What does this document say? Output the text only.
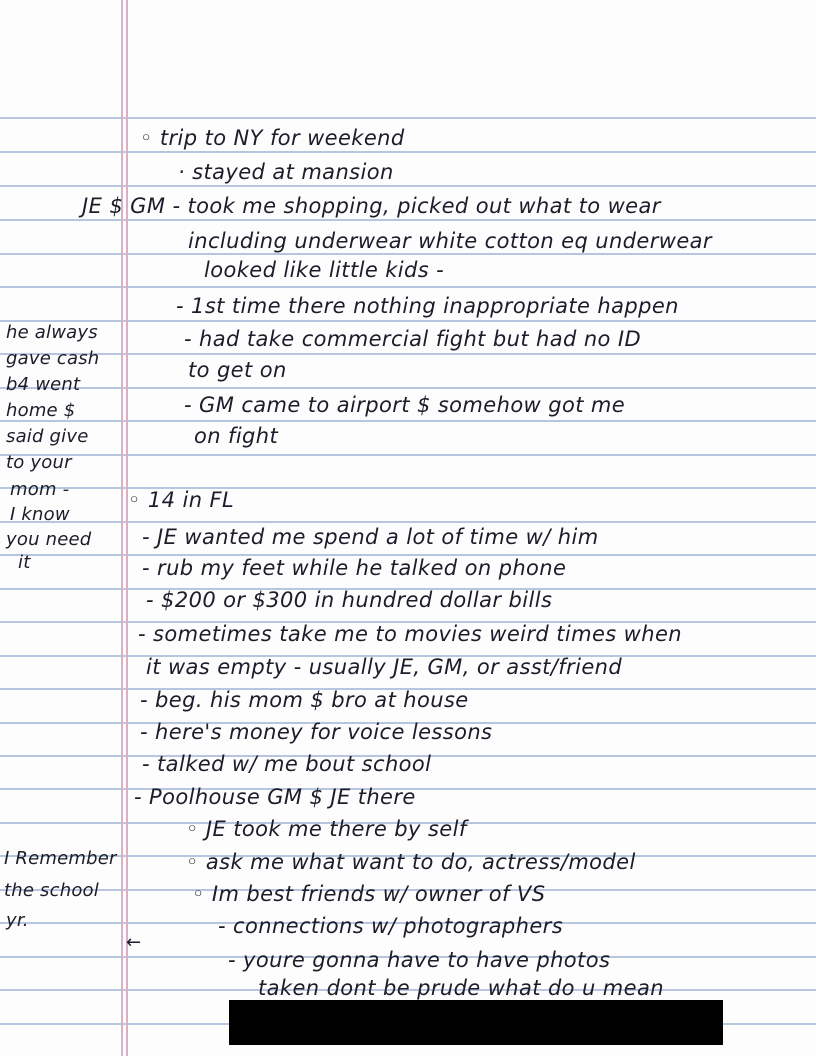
◦ trip to NY for weekend
· stayed at mansion
JE $ GM - took me shopping, picked out what to wear
including underwear white cotton eq underwear
looked like little kids -
- 1st time there nothing inappropriate happen
- had take commercial fight but had no ID
to get on
- GM came to airport $ somehow got me
on fight
◦ 14 in FL
- JE wanted me spend a lot of time w/ him
- rub my feet while he talked on phone
- $200 or $300 in hundred dollar bills
- sometimes take me to movies weird times when
it was empty - usually JE, GM, or asst/friend
- beg. his mom $ bro at house
- here's money for voice lessons
- talked w/ me bout school
- Poolhouse GM $ JE there
◦ JE took me there by self
◦ ask me what want to do, actress/model
◦ Im best friends w/ owner of VS
- connections w/ photographers
- youre gonna have to have photos
taken dont be prude what do u mean
he always
gave cash
b4 went
home $
said give
to your
mom -
I know
you need
it
I Remember
the school
yr.
←
